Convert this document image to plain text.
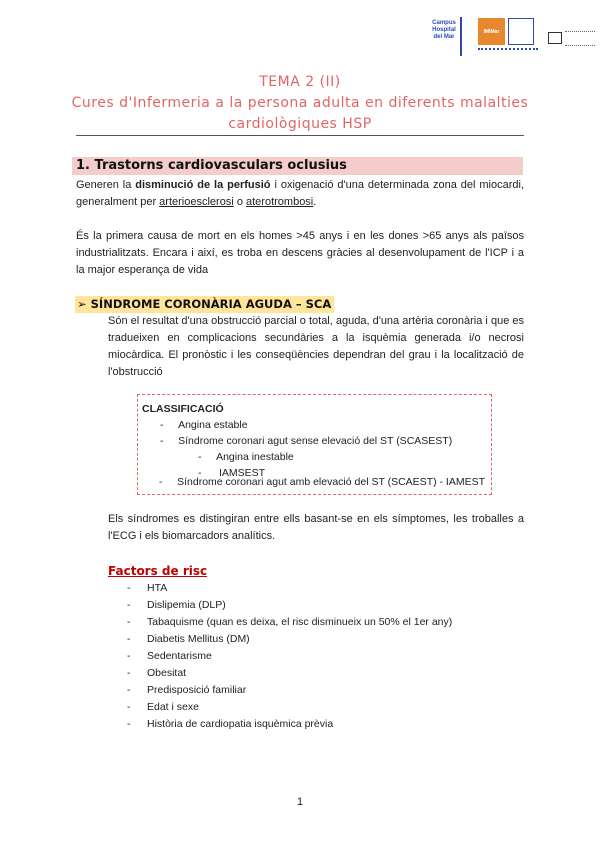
Campus Hospital del Mar
IMIMar
TEMA 2 (II)
Cures d'Infermeria a la persona adulta en diferents malalties
cardiològiques HSP
1. Trastorns cardiovasculars oclusius
Generen la disminució de la perfusió i oxigenació d'una determinada zona del miocardi, generalment per arterioesclerosi o aterotrombosi.
És la primera causa de mort en els homes >45 anys i en les dones >65 anys als països industrialitzats. Encara i així, es troba en descens gràcies al desenvolupament de l'ICP i a la major esperança de vida
➢ SÍNDROME CORONÀRIA AGUDA – SCA
Són el resultat d'una obstrucció parcial o total, aguda, d'una artèria coronària i que es tradueixen en complicacions secundàries a la isquèmia generada i/o necrosi miocàrdica. El pronòstic i les conseqüències dependran del grau i la localització de l'obstrucció
CLASSIFICACIÓ
-     Angina estable
-     Síndrome coronari agut sense elevació del ST (SCASEST)
-     Angina inestable
-      IAMSEST
-     Síndrome coronari agut amb elevació del ST (SCAEST) - IAMEST
Els síndromes es distingiran entre ells basant-se en els símptomes, les troballes a l'ECG i els biomarcadors analítics.
Factors de risc
- HTA
- Dislipemia (DLP)
- Tabaquisme (quan es deixa, el risc disminueix un 50% el 1er any)
- Diabetis Mellitus (DM)
- Sedentarisme
- Obesitat
- Predisposició familiar
- Edat i sexe
- Història de cardiopatia isquèmica prèvia
1
